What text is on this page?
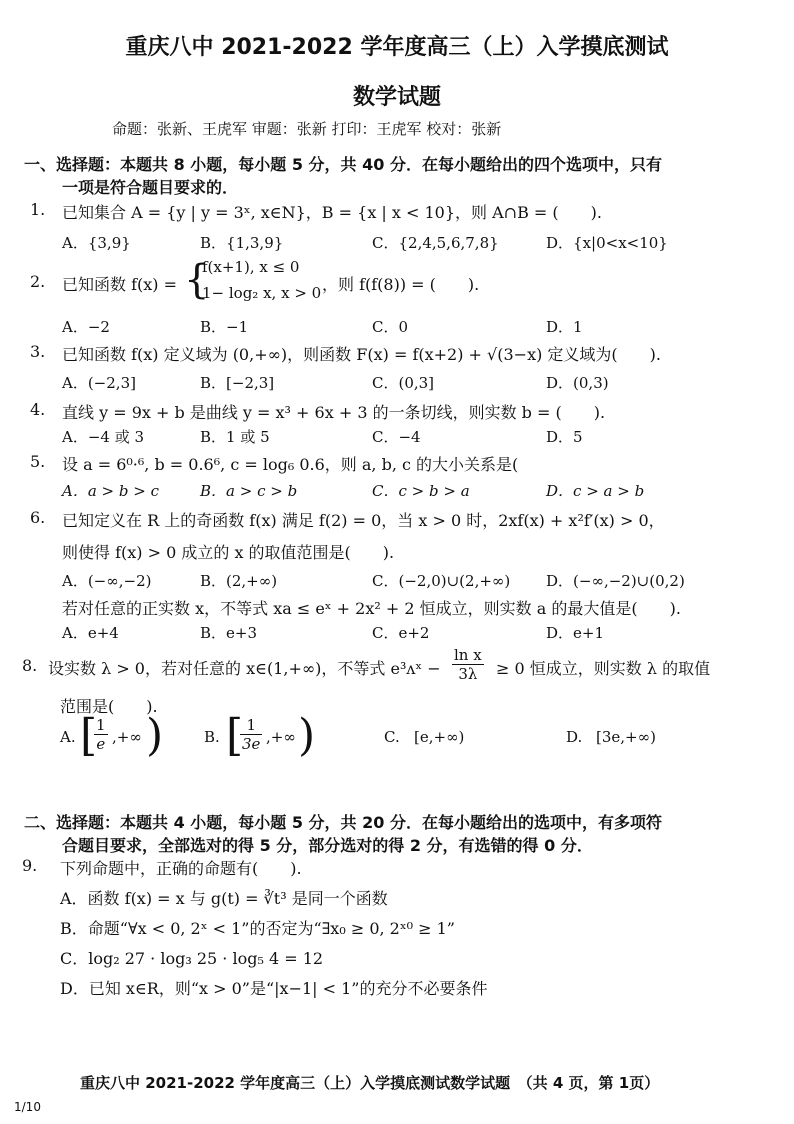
重庆八中 2021-2022 学年度高三（上）入学摸底测试
数学试题
命题：张新、王虎军 审题：张新 打印：王虎军 校对：张新
一、选择题：本题共 8 小题，每小题 5 分，共 40 分．在每小题给出的四个选项中，只有
一项是符合题目要求的．
1. 已知集合 A = {y | y = 3ˣ, x∈N}，B = {x | x < 10}，则 A∩B = (　　).
A．{3,9}	B．{1,3,9}	C．{2,4,5,6,7,8}	D．{x|0<x<10}
2. 已知函数 f(x) = {
f(x+1), x ≤ 0
1− log₂ x, x > 0 ，则 f(f(8)) = (　　).
A．−2	B．−1	C．0	D．1
3. 已知函数 f(x) 定义域为 (0,+∞)，则函数 F(x) = f(x+2) + √(3−x) 定义域为(　　).
A．(−2,3]	B．[−2,3]	C．(0,3]	D．(0,3)
4. 直线 y = 9x + b 是曲线 y = x³ + 6x + 3 的一条切线，则实数 b = (　　).
A．−4 或 3	B．1 或 5	C．−4	D．5
5. 设 a = 6⁰·⁶, b = 0.6⁶, c = log₆ 0.6，则 a, b, c 的大小关系是(
A．a > b > c	B．a > c > b	C．c > b > a	D．c > a > b
6. 已知定义在 R 上的奇函数 f(x) 满足 f(2) = 0，当 x > 0 时，2xf(x) + x²f′(x) > 0，
则使得 f(x) > 0 成立的 x 的取值范围是(　　).
A．(−∞,−2)	B．(2,+∞)	C．(−2,0)∪(2,+∞) D．(−∞,−2)∪(0,2)
若对任意的正实数 x，不等式 xa ≤ eˣ + 2x² + 2 恒成立，则实数 a 的最大值是(　　).
A．e+4	B．e+3	C．e+2	D．e+1
8. 设实数 λ > 0，若对任意的 x∈(1,+∞)，不等式 e³ᴧˣ − $\frac{\text{ln x}}{3\lambda} \ge 0$ 恒成立，则实数 λ 的取值
范围是(　　).
A. [
$\frac{1}{e}$ ,+∞ )	B. [
$\frac{1}{3e}$ ,+∞ )	C. [e,+∞)	D. [3e,+∞)
二、选择题：本题共 4 小题，每小题 5 分，共 20 分．在每小题给出的选项中，有多项符
合题目要求，全部选对的得 5 分，部分选对的得 2 分，有选错的得 0 分．
9. 下列命题中，正确的命题有(　　).
A．函数 f(x) = x 与 g(t) = ∛t³ 是同一个函数
B．命题“∀x < 0, 2ˣ < 1”的否定为“∃x₀ ≥ 0, 2ˣ⁰ ≥ 1”
C．log₂ 27 · log₃ 25 · log₅ 4 = 12
D．已知 x∈R，则“x > 0”是“|x−1| < 1”的充分不必要条件
重庆八中 2021-2022 学年度高三（上）入学摸底测试数学试题　（共 4 页，第 1页）
1/10
